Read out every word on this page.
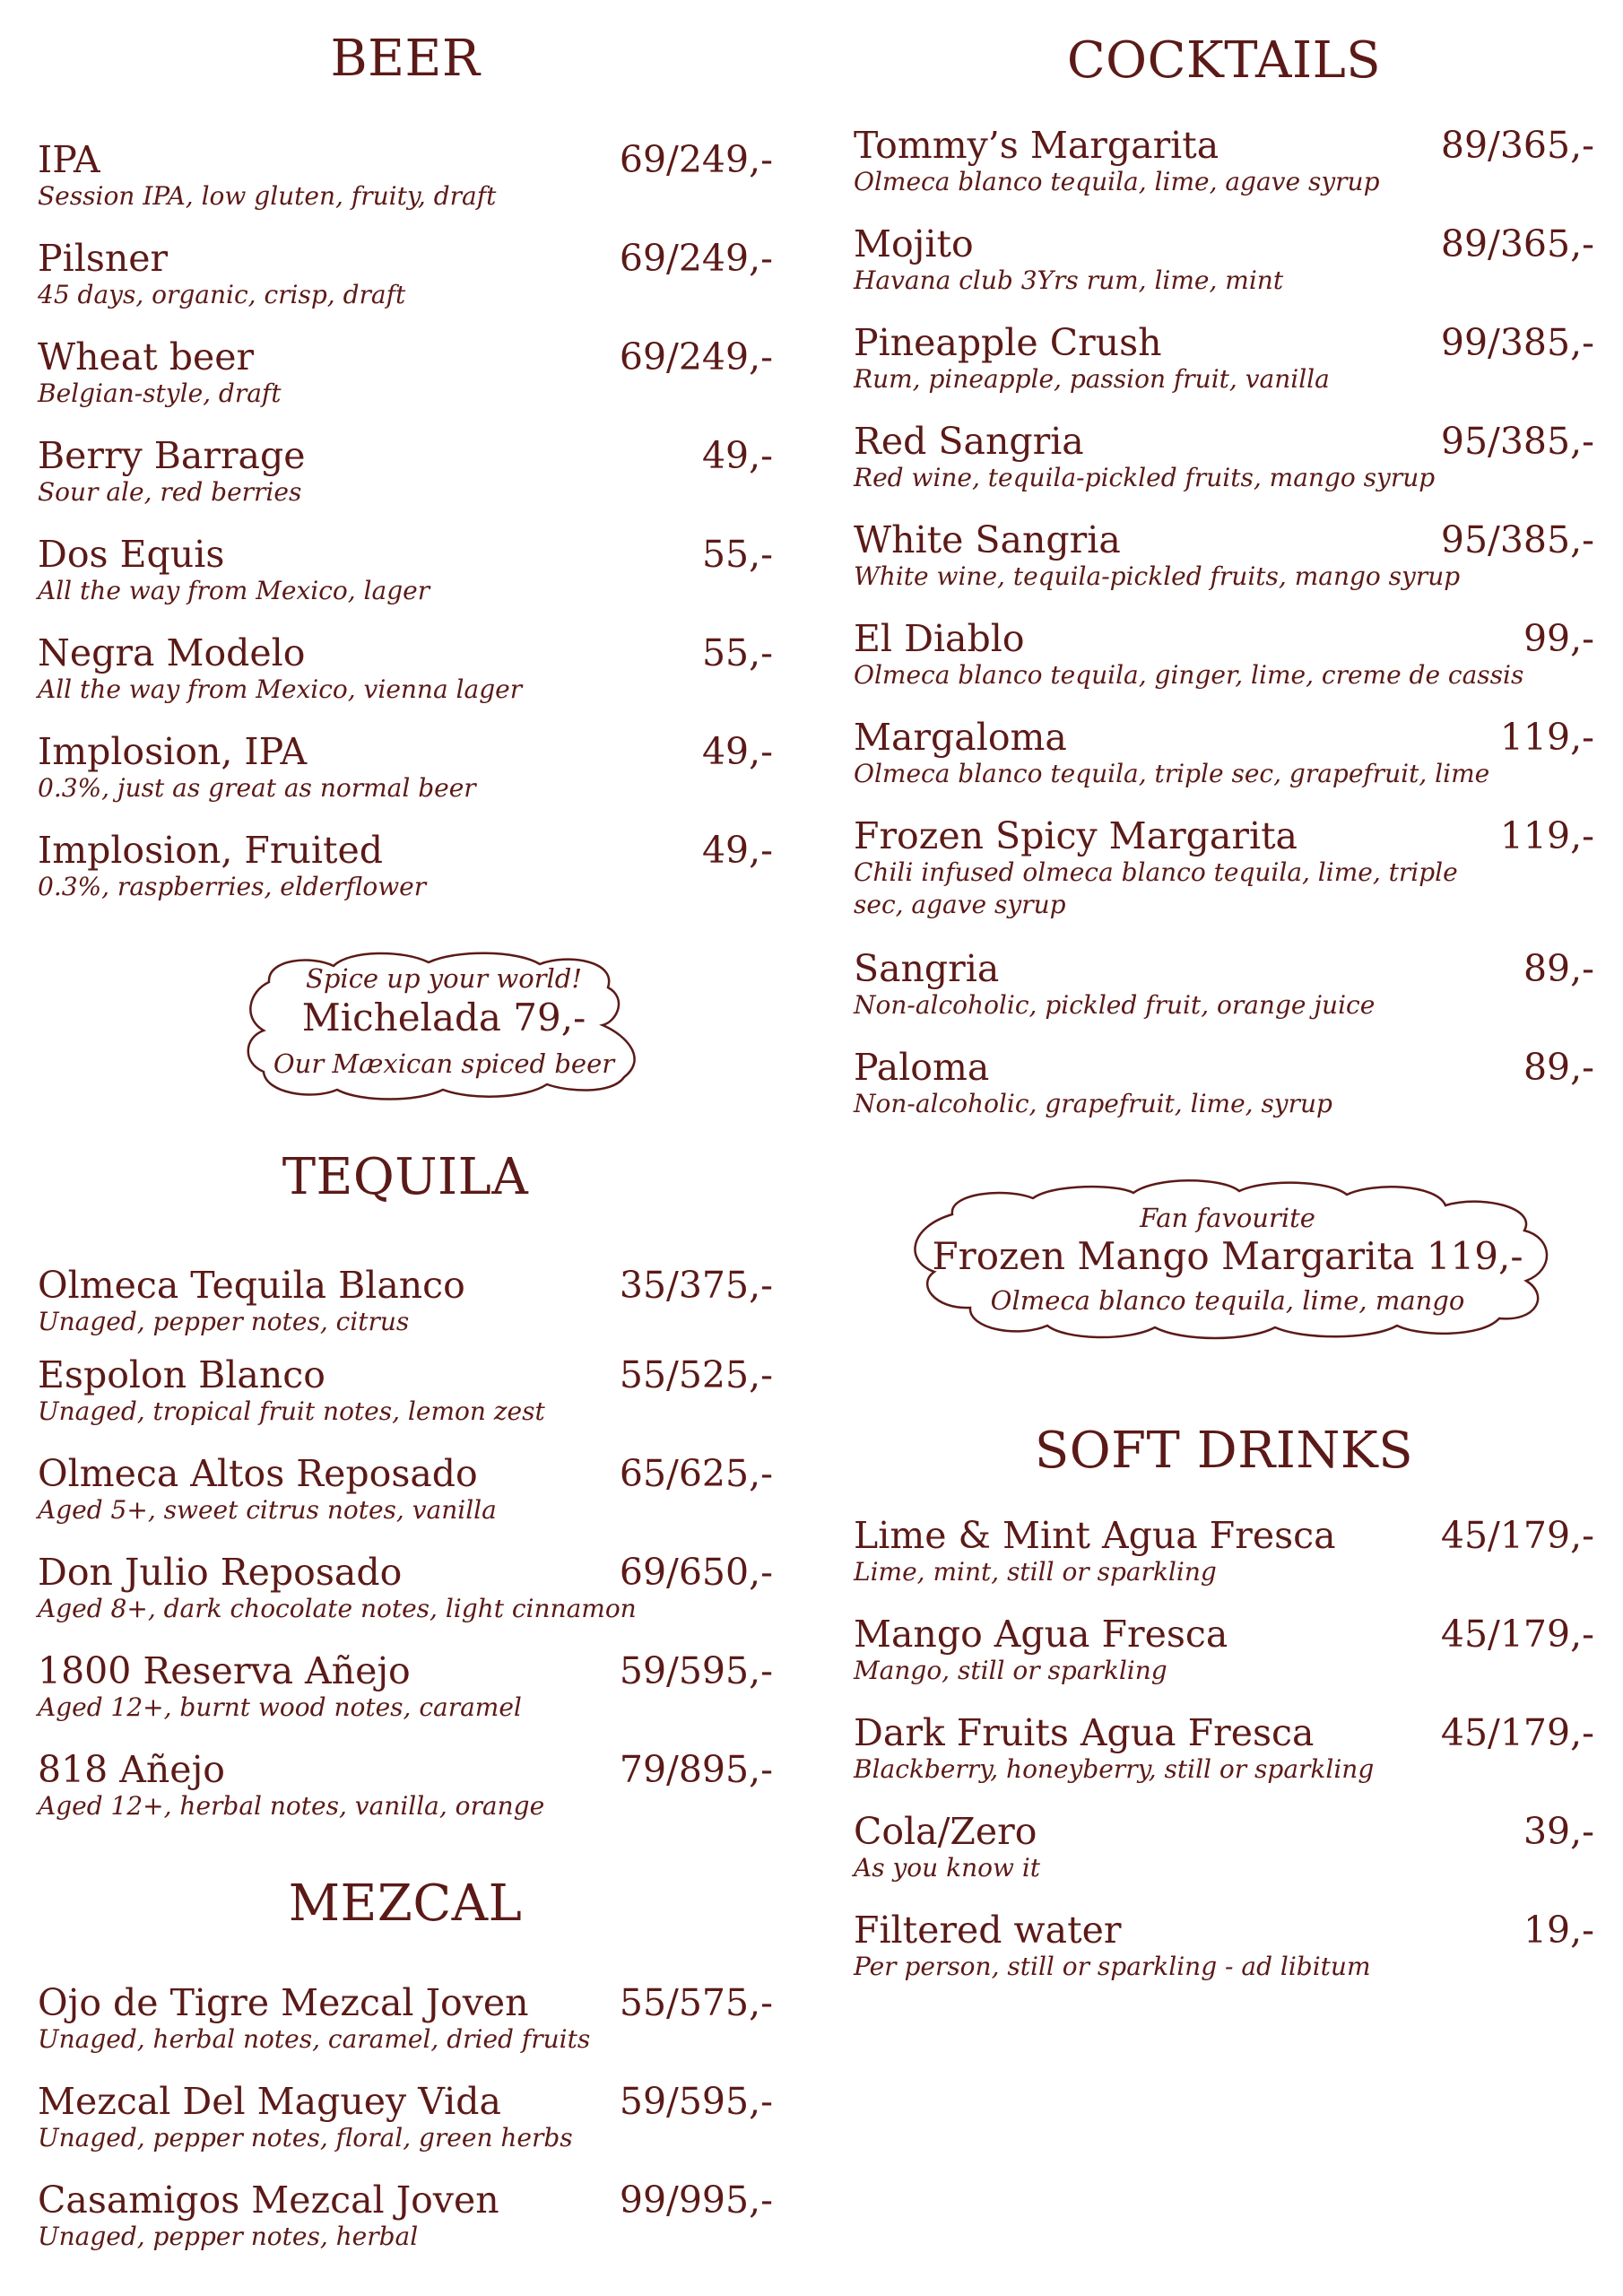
BEER
IPA	69/249,-
Session IPA, low gluten, fruity, draft
Pilsner	69/249,-
45 days, organic, crisp, draft
Wheat beer	69/249,-
Belgian-style, draft
Berry Barrage	49,-
Sour ale, red berries
Dos Equis	55,-
All the way from Mexico, lager
Negra Modelo	55,-
All the way from Mexico, vienna lager
Implosion, IPA	49,-
0.3%, just as great as normal beer
Implosion, Fruited	49,-
0.3%, raspberries, elderflower
Spice up your world!
Michelada 79,-
Our Mæxican spiced beer
TEQUILA
Olmeca Tequila Blanco	35/375,-
Unaged, pepper notes, citrus
Espolon Blanco	55/525,-
Unaged, tropical fruit notes, lemon zest
Olmeca Altos Reposado	65/625,-
Aged 5+, sweet citrus notes, vanilla
Don Julio Reposado	69/650,-
Aged 8+, dark chocolate notes, light cinnamon
1800 Reserva Añejo	59/595,-
Aged 12+, burnt wood notes, caramel
818 Añejo	79/895,-
Aged 12+, herbal notes, vanilla, orange
MEZCAL
Ojo de Tigre Mezcal Joven	55/575,-
Unaged, herbal notes, caramel, dried fruits
Mezcal Del Maguey Vida	59/595,-
Unaged, pepper notes, floral, green herbs
Casamigos Mezcal Joven	99/995,-
Unaged, pepper notes, herbal
COCKTAILS
Tommy’s Margarita	89/365,-
Olmeca blanco tequila, lime, agave syrup
Mojito	89/365,-
Havana club 3Yrs rum, lime, mint
Pineapple Crush	99/385,-
Rum, pineapple, passion fruit, vanilla
Red Sangria	95/385,-
Red wine, tequila-pickled fruits, mango syrup
White Sangria	95/385,-
White wine, tequila-pickled fruits, mango syrup
El Diablo	99,-
Olmeca blanco tequila, ginger, lime, creme de cassis
Margaloma	119,-
Olmeca blanco tequila, triple sec, grapefruit, lime
Frozen Spicy Margarita	119,-
Chili infused olmeca blanco tequila, lime, triple sec, agave syrup
Sangria	89,-
Non-alcoholic, pickled fruit, orange juice
Paloma	89,-
Non-alcoholic, grapefruit, lime, syrup
Fan favourite
Frozen Mango Margarita 119,-
Olmeca blanco tequila, lime, mango
SOFT DRINKS
Lime & Mint Agua Fresca	45/179,-
Lime, mint, still or sparkling
Mango Agua Fresca	45/179,-
Mango, still or sparkling
Dark Fruits Agua Fresca	45/179,-
Blackberry, honeyberry, still or sparkling
Cola/Zero	39,-
As you know it
Filtered water	19,-
Per person, still or sparkling - ad libitum
